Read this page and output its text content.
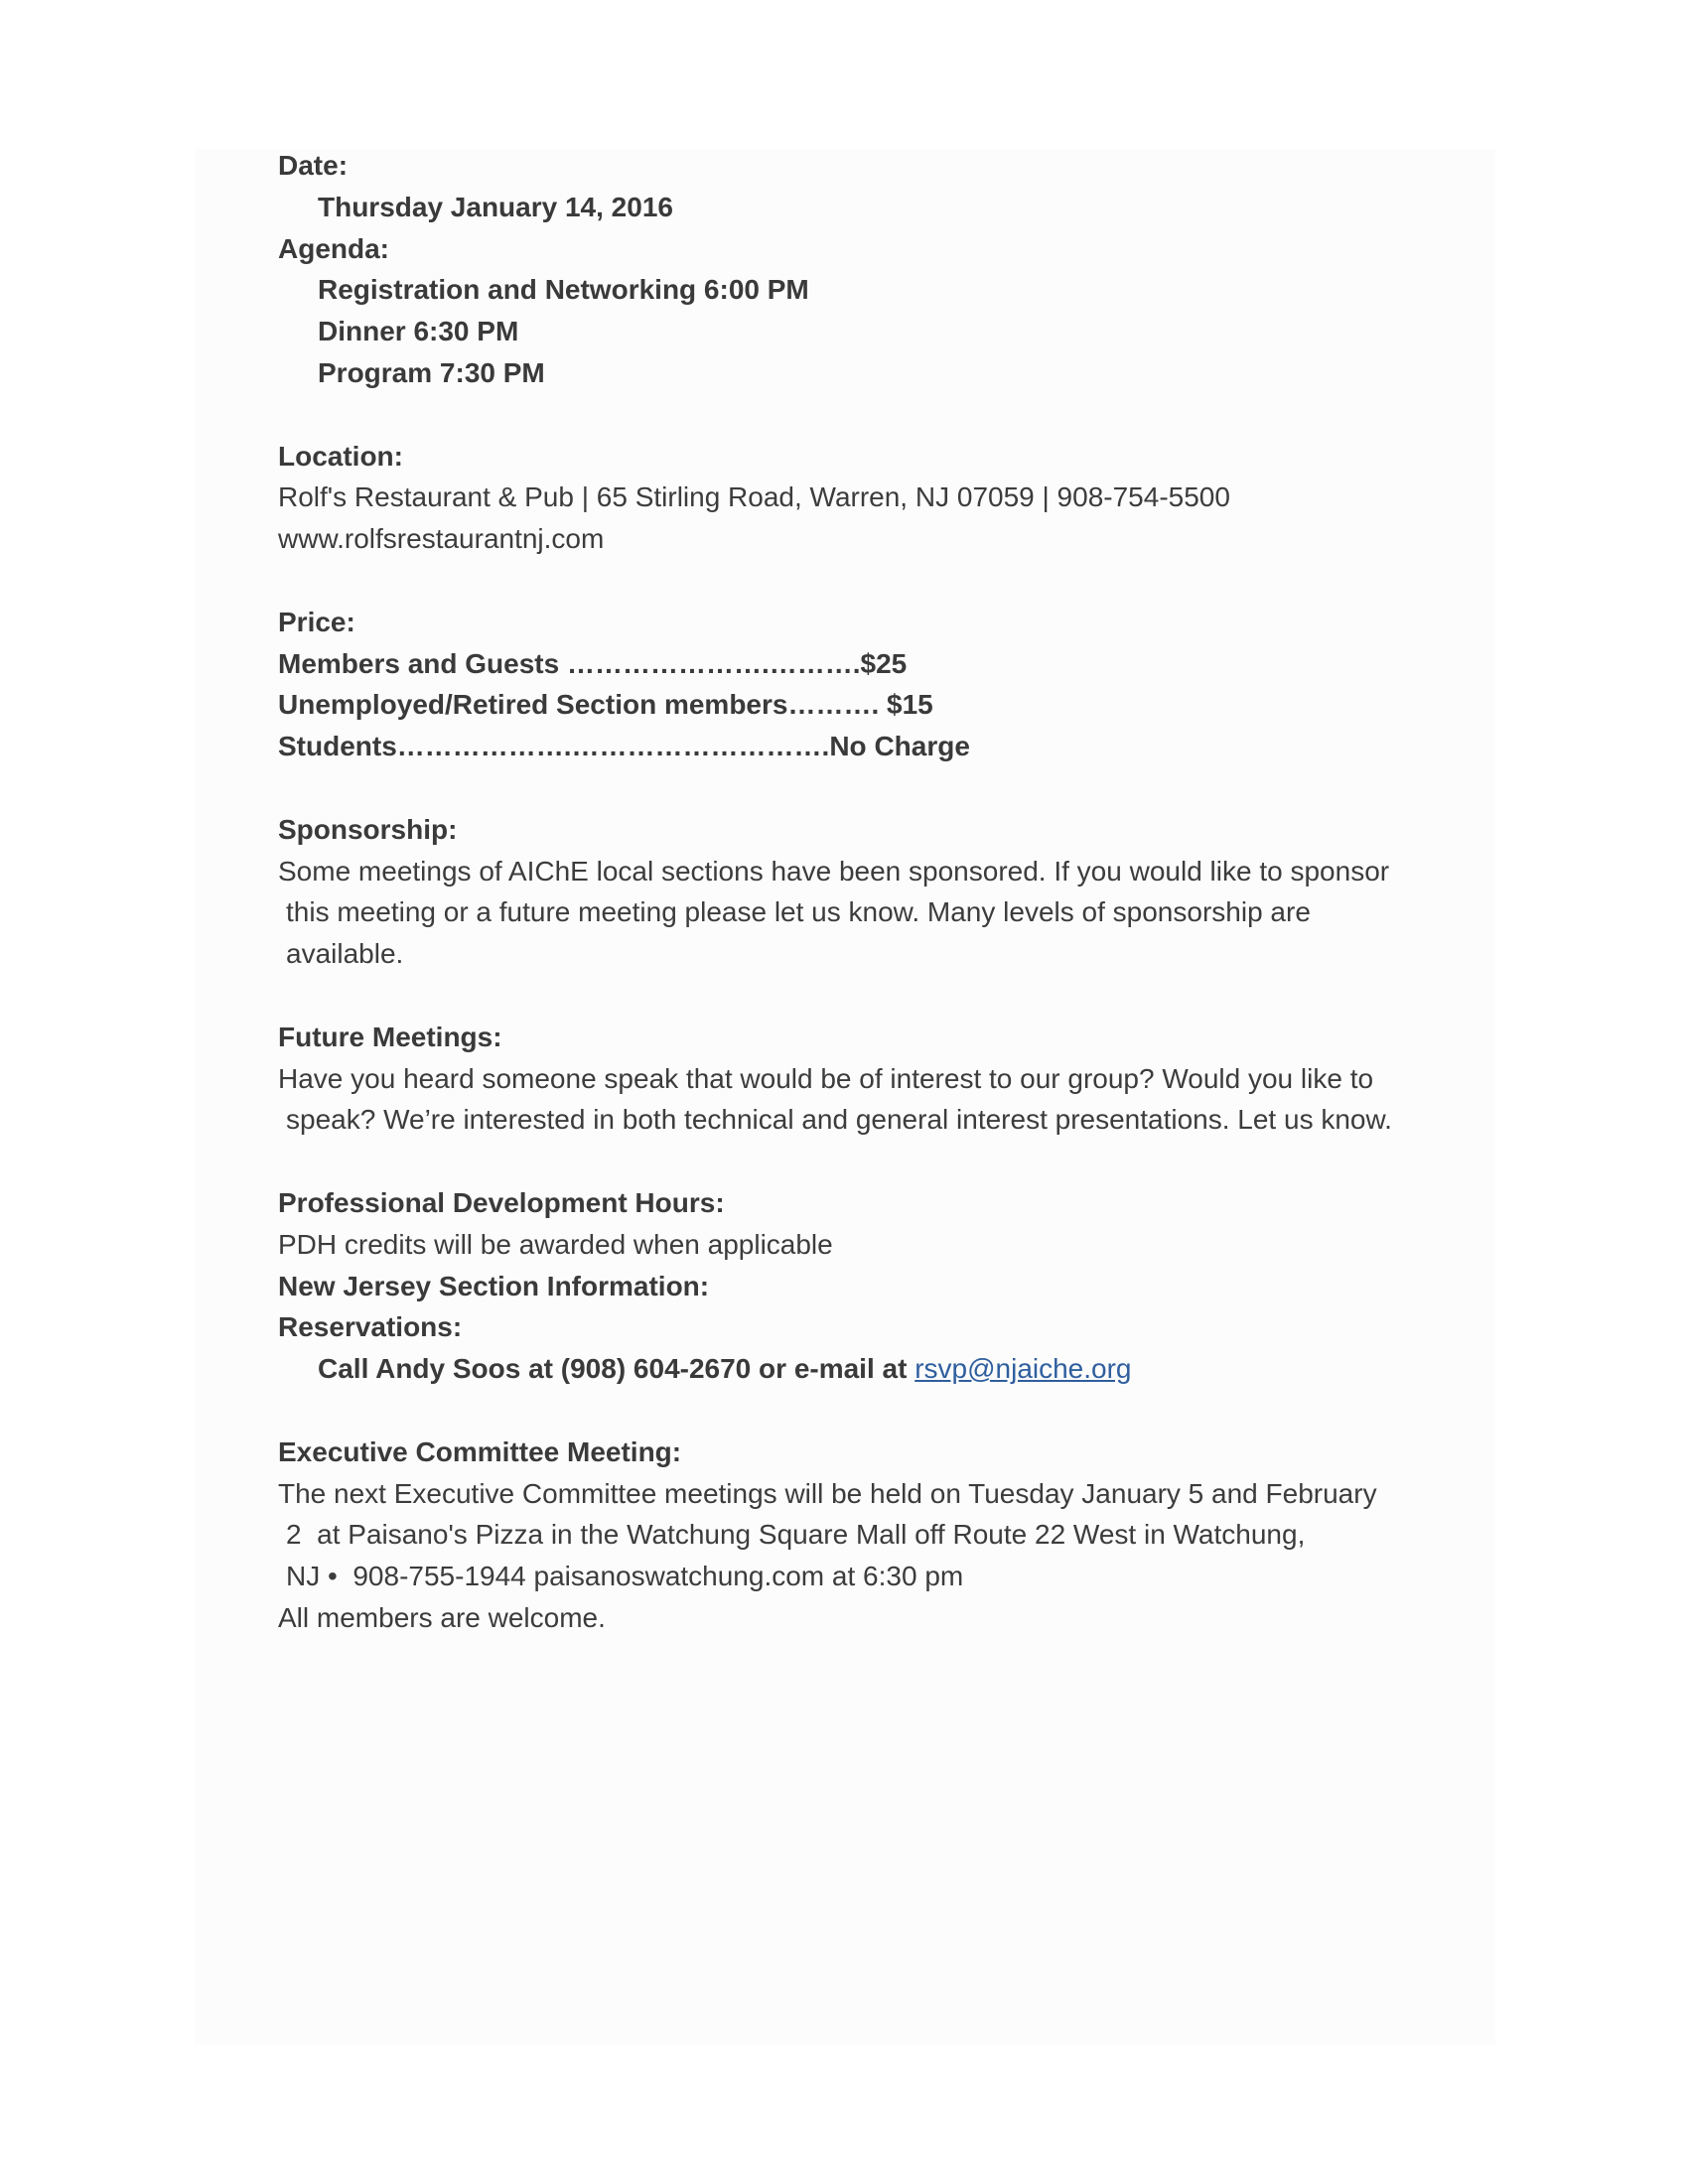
Date:
Thursday January 14, 2016
Agenda:
Registration and Networking 6:00 PM
Dinner 6:30 PM
Program 7:30 PM
Location:
Rolf's Restaurant & Pub | 65 Stirling Road, Warren, NJ 07059 | 908-754-5500
www.rolfsrestaurantnj.com
Price:
Members and Guests ………………….……….$25
Unemployed/Retired Section members………. $15
Students……………….……………………….No Charge
Sponsorship:
Some meetings of AIChE local sections have been sponsored. If you would like to sponsor
this meeting or a future meeting please let us know. Many levels of sponsorship are
available.
Future Meetings:
Have you heard someone speak that would be of interest to our group? Would you like to
speak? We’re interested in both technical and general interest presentations. Let us know.
Professional Development Hours:
PDH credits will be awarded when applicable
New Jersey Section Information:
Reservations:
Call Andy Soos at (908) 604-2670 or e-mail at rsvp@njaiche.org
Executive Committee Meeting:
The next Executive Committee meetings will be held on Tuesday January 5 and February
2  at Paisano's Pizza in the Watchung Square Mall off Route 22 West in Watchung,
NJ •  908-755-1944 paisanoswatchung.com at 6:30 pm
All members are welcome.
